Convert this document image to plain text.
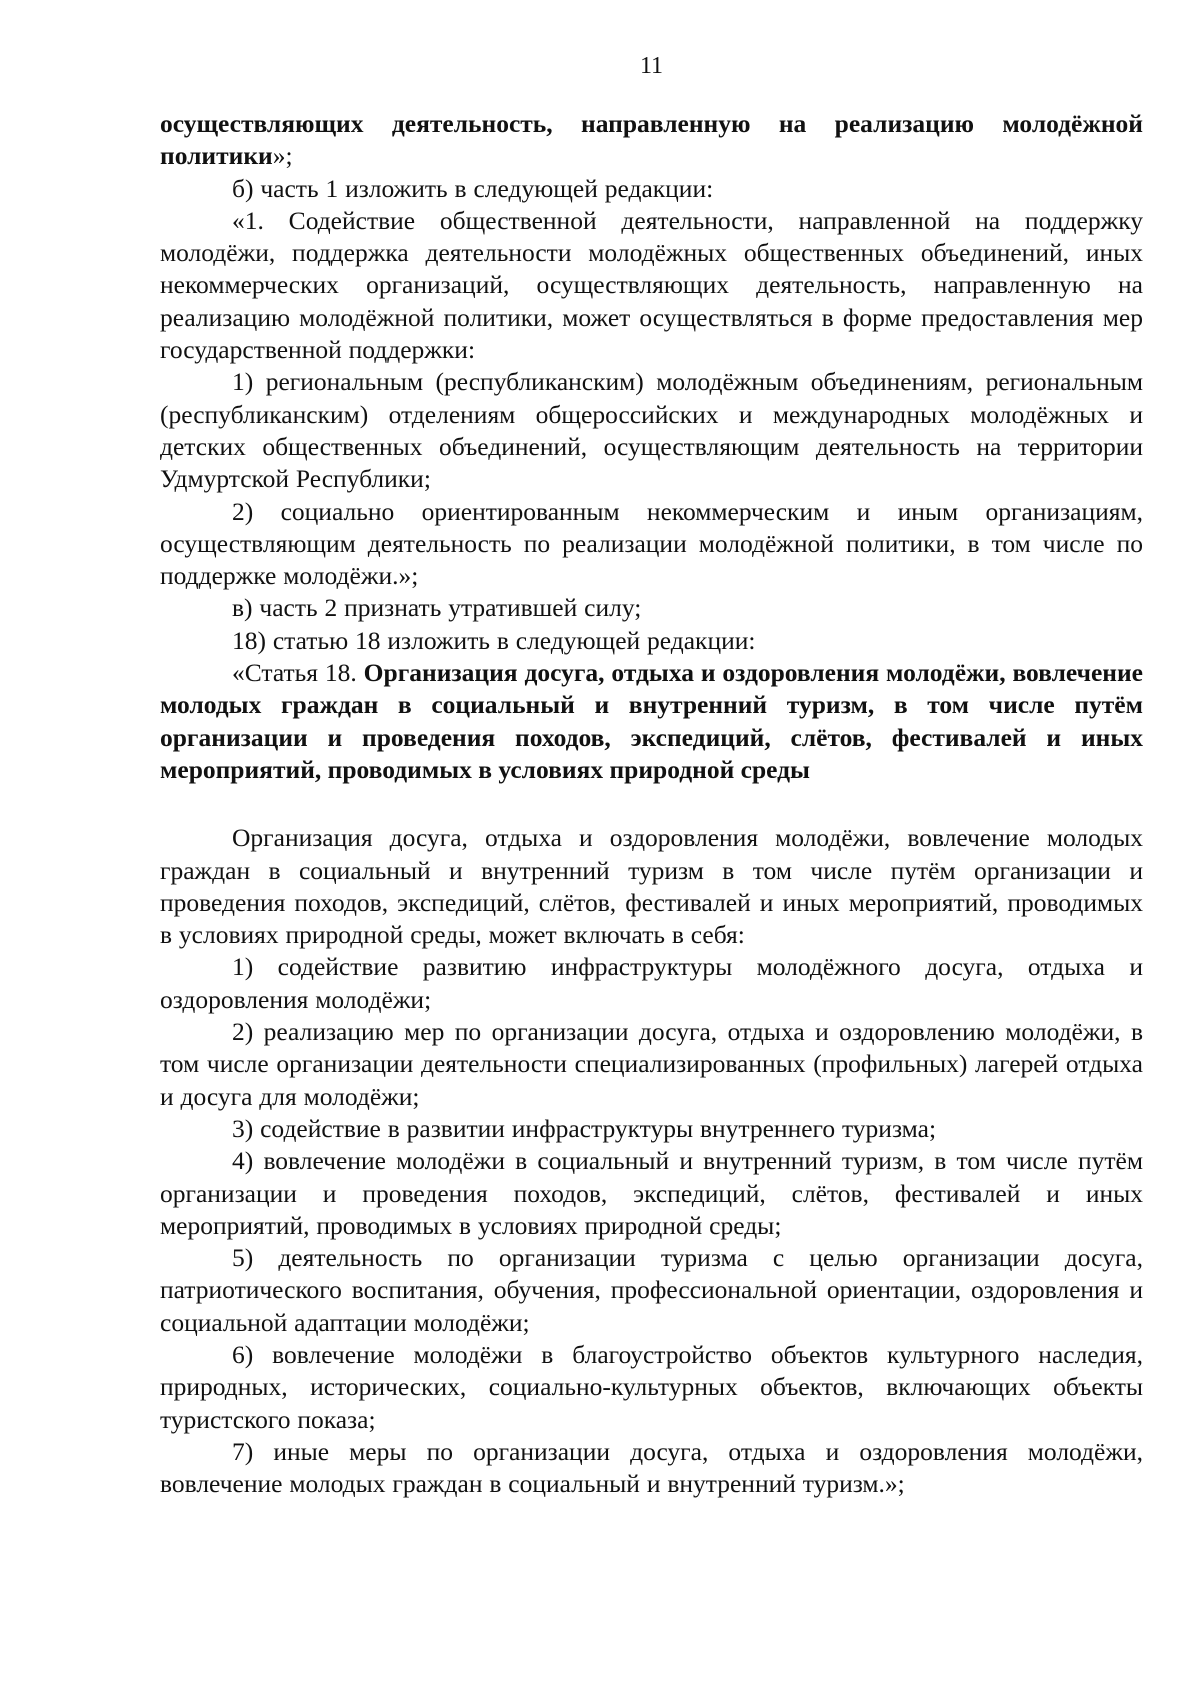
11

осуществляющих деятельность, направленную на реализацию молодёжной политики»;

б) часть 1 изложить в следующей редакции:

«1. Содействие общественной деятельности, направленной на поддержку молодёжи, поддержка деятельности молодёжных общественных объединений, иных некоммерческих организаций, осуществляющих деятельность, направленную на реализацию молодёжной политики, может осуществляться в форме предоставления мер государственной поддержки:

1) региональным (республиканским) молодёжным объединениям, региональным (республиканским) отделениям общероссийских и международных молодёжных и детских общественных объединений, осуществляющим деятельность на территории Удмуртской Республики;

2) социально ориентированным некоммерческим и иным организациям, осуществляющим деятельность по реализации молодёжной политики, в том числе по поддержке молодёжи.»;

в) часть 2 признать утратившей силу;

18) статью 18 изложить в следующей редакции:

«Статья 18. Организация досуга, отдыха и оздоровления молодёжи, вовлечение молодых граждан в социальный и внутренний туризм, в том числе путём организации и проведения походов, экспедиций, слётов, фестивалей и иных мероприятий, проводимых в условиях природной среды

Организация досуга, отдыха и оздоровления молодёжи, вовлечение молодых граждан в социальный и внутренний туризм в том числе путём организации и проведения походов, экспедиций, слётов, фестивалей и иных мероприятий, проводимых в условиях природной среды, может включать в себя:

1) содействие развитию инфраструктуры молодёжного досуга, отдыха и оздоровления молодёжи;

2) реализацию мер по организации досуга, отдыха и оздоровлению молодёжи, в том числе организации деятельности специализированных (профильных) лагерей отдыха и досуга для молодёжи;

3) содействие в развитии инфраструктуры внутреннего туризма;

4) вовлечение молодёжи в социальный и внутренний туризм, в том числе путём организации и проведения походов, экспедиций, слётов, фестивалей и иных мероприятий, проводимых в условиях природной среды;

5) деятельность по организации туризма с целью организации досуга, патриотического воспитания, обучения, профессиональной ориентации, оздоровления и социальной адаптации молодёжи;

6) вовлечение молодёжи в благоустройство объектов культурного наследия, природных, исторических, социально-культурных объектов, включающих объекты туристского показа;

7) иные меры по организации досуга, отдыха и оздоровления молодёжи, вовлечение молодых граждан в социальный и внутренний туризм.»;
